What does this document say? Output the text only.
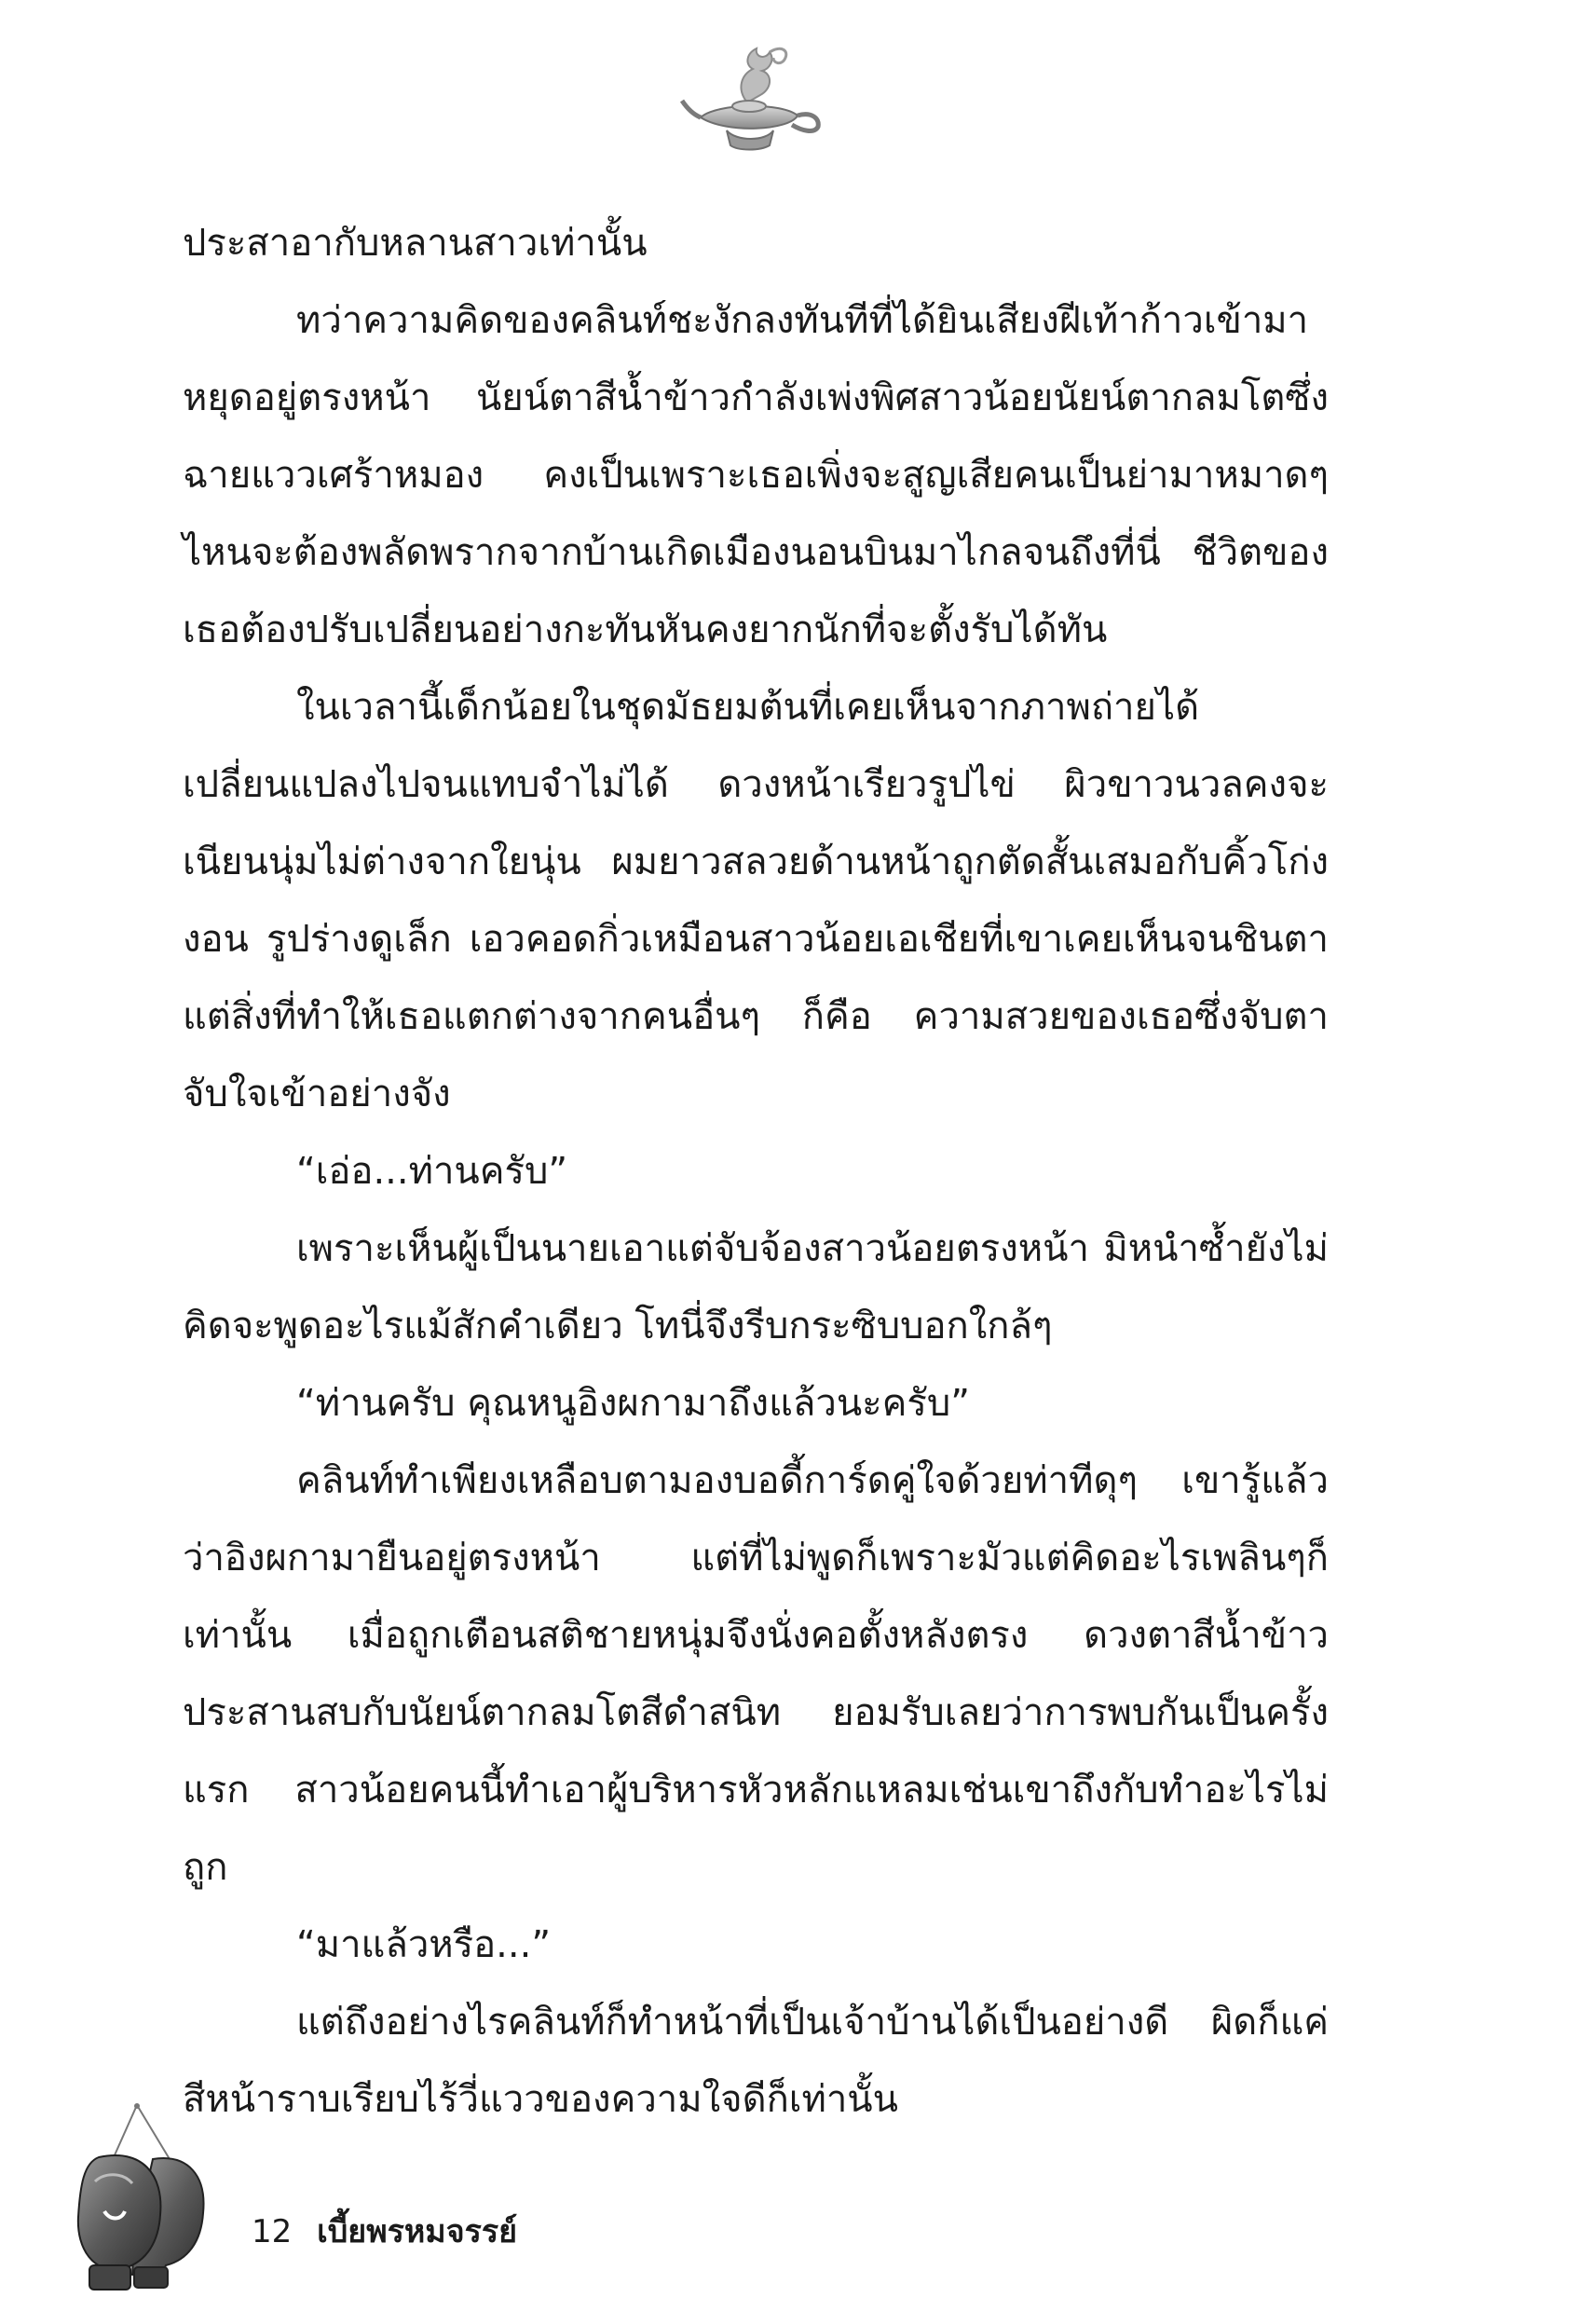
ประสาอากับหลานสาวเท่านั้น

ทว่าความคิดของคลินท์ชะงักลงทันทีที่ได้ยินเสียงฝีเท้าก้าวเข้ามาหยุดอยู่ตรงหน้า นัยน์ตาสีน้ำข้าวกำลังเพ่งพิศสาวน้อยนัยน์ตากลมโตซึ่งฉายแววเศร้าหมอง คงเป็นเพราะเธอเพิ่งจะสูญเสียคนเป็นย่ามาหมาดๆ ไหนจะต้องพลัดพรากจากบ้านเกิดเมืองนอนบินมาไกลจนถึงที่นี่ ชีวิตของเธอต้องปรับเปลี่ยนอย่างกะทันหันคงยากนักที่จะตั้งรับได้ทัน

ในเวลานี้เด็กน้อยในชุดมัธยมต้นที่เคยเห็นจากภาพถ่ายได้เปลี่ยนแปลงไปจนแทบจำไม่ได้ ดวงหน้าเรียวรูปไข่ ผิวขาวนวลคงจะเนียนนุ่มไม่ต่างจากใยนุ่น ผมยาวสลวยด้านหน้าถูกตัดสั้นเสมอกับคิ้วโก่งงอน รูปร่างดูเล็ก เอวคอดกิ่วเหมือนสาวน้อยเอเชียที่เขาเคยเห็นจนชินตา แต่สิ่งที่ทำให้เธอแตกต่างจากคนอื่นๆ ก็คือ ความสวยของเธอซึ่งจับตาจับใจเข้าอย่างจัง

“เอ่อ...ท่านครับ”

เพราะเห็นผู้เป็นนายเอาแต่จับจ้องสาวน้อยตรงหน้า มิหนำซ้ำยังไม่คิดจะพูดอะไรแม้สักคำเดียว โทนี่จึงรีบกระซิบบอกใกล้ๆ

“ท่านครับ คุณหนูอิงผกามาถึงแล้วนะครับ”

คลินท์ทำเพียงเหลือบตามองบอดี้การ์ดคู่ใจด้วยท่าทีดุๆ เขารู้แล้วว่าอิงผกามายืนอยู่ตรงหน้า แต่ที่ไม่พูดก็เพราะมัวแต่คิดอะไรเพลินๆก็เท่านั้น เมื่อถูกเตือนสติชายหนุ่มจึงนั่งคอตั้งหลังตรง ดวงตาสีน้ำข้าวประสานสบกับนัยน์ตากลมโตสีดำสนิท ยอมรับเลยว่าการพบกันเป็นครั้งแรก สาวน้อยคนนี้ทำเอาผู้บริหารหัวหลักแหลมเช่นเขาถึงกับทำอะไรไม่ถูก

“มาแล้วหรือ...”

แต่ถึงอย่างไรคลินท์ก็ทำหน้าที่เป็นเจ้าบ้านได้เป็นอย่างดี ผิดก็แค่สีหน้าราบเรียบไร้วี่แววของความใจดีก็เท่านั้น

12 เบี้ยพรหมจรรย์
